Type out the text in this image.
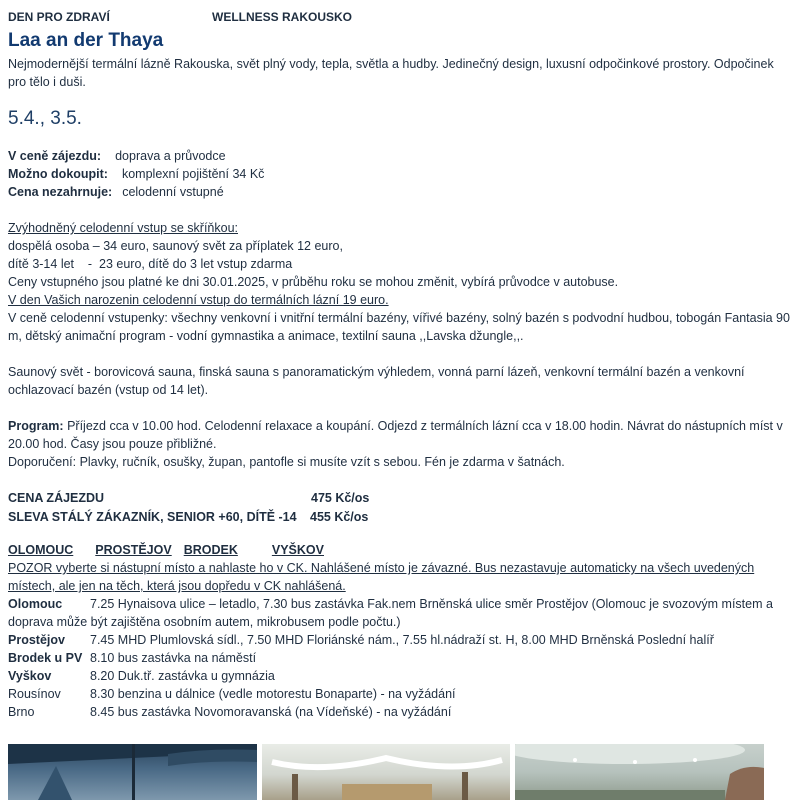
DEN PRO ZDRAVÍ	WELLNESS RAKOUSKO
Laa an der Thaya
Nejmodernější termální lázně Rakouska, svět plný vody, tepla, světla a hudby. Jedinečný design, luxusní odpočinkové prostory. Odpočinek pro tělo i duši.
5.4., 3.5.
V ceně zájezdu: doprava a průvodce
Možno dokoupit: komplexní pojištění 34 Kč
Cena nezahrnuje: celodenní vstupné
Zvýhodněný celodenní vstup se skříňkou:
dospělá osoba – 34 euro, saunový svět za příplatek 12 euro,
dítě 3-14 let    -  23 euro, dítě do 3 let vstup zdarma
Ceny vstupného jsou platné ke dni 30.01.2025, v průběhu roku se mohou změnit, vybírá průvodce v autobuse.
V den Vašich narozenin celodenní vstup do termálních lázní 19 euro.
V ceně celodenní vstupenky: všechny venkovní i vnitřní termální bazény, vířivé bazény, solný bazén s podvodní hudbou, tobogán Fantasia 90 m, dětský animační program - vodní gymnastika a animace, textilní sauna ,,Lavska džungle,,.
Saunový svět - borovicová sauna, finská sauna s panoramatickým výhledem, vonná parní lázeň, venkovní termální bazén a venkovní ochlazovací bazén (vstup od 14 let).
Program: Příjezd cca v 10.00 hod. Celodenní relaxace a koupání. Odjezd z termálních lázní cca v 18.00 hodin. Návrat do nástupních míst v 20.00 hod. Časy jsou pouze přibližné.
Doporučení: Plavky, ručník, osušky, župan, pantofle si musíte vzít s sebou. Fén je zdarma v šatnách.
CENA ZÁJEZDU	475 Kč/os
SLEVA STÁLÝ ZÁKAZNÍK, SENIOR +60, DÍTĚ -14 455 Kč/os
OLOMOUC PROSTĚJOV BRODEK	VYŠKOV
POZOR vyberte si nástupní místo a nahlaste ho v CK. Nahlášené místo je závazné. Bus nezastavuje automaticky na všech uvedených místech, ale jen na těch, která jsou dopředu v CK nahlášená.
Olomouc 7.25 Hynaisova ulice – letadlo, 7.30 bus zastávka Fak.nem Brněnská ulice směr Prostějov (Olomouc je svozovým místem a doprava může být zajištěna osobním autem, mikrobusem podle počtu.)
Prostějov 7.45 MHD Plumlovská sídl., 7.50 MHD Floriánské nám., 7.55 hl.nádraží st. H, 8.00 MHD Brněnská Poslední halíř
Brodek u PV 8.10 bus zastávka na náměstí
Vyškov	8.20 Duk.tř. zastávka u gymnázia
Rousínov 8.30 benzina u dálnice (vedle motorestu Bonaparte) - na vyžádání
Brno	8.45 bus zastávka Novomoravanská (na Vídeňské) - na vyžádání
